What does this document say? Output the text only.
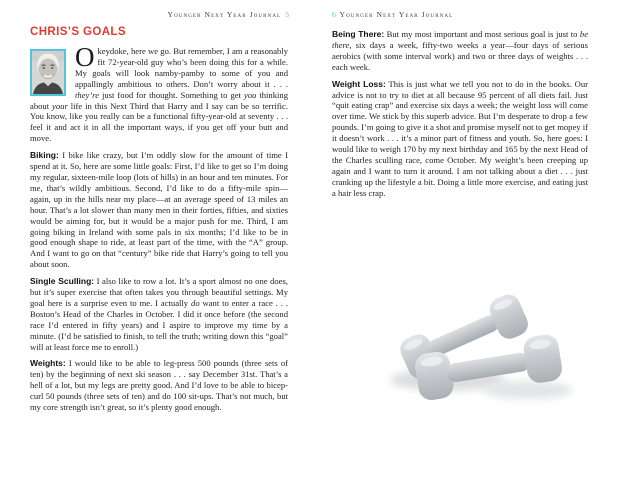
Younger Next Year Journal 5
CHRIS’S GOALS

Okeydoke, here we go. But remember, I am a reasonably fit 72-year-old guy who’s been doing this for a while. My goals will look namby-pamby to some of you and appallingly ambitious to others. Don’t worry about it . . . they’re just food for thought. Something to get you thinking about your life in this Next Third that Harry and I say can be so terrific. You know, like you really can be a functional fifty-year-old at seventy . . . feel it and act it in all the important ways, if you get off your butt and move.

Biking: I bike like crazy, but I’m oddly slow for the amount of time I spend at it. So, here are some little goals: First, I’d like to get so I’m doing my regular, sixteen-mile loop (lots of hills) in an hour and ten minutes. For me, that’s wildly ambitious. Second, I’d like to do a fifty-mile spin—again, up in the hills near my place—at an average speed of 13 miles an hour. That’s a lot slower than many men in their forties, fifties, and sixties would be aiming for, but it would be a major push for me. Third, I am going biking in Ireland with some pals in six months; I’d like to be in good enough shape to ride, at least part of the time, with the “A” group. And I want to go on that “century” bike ride that Harry’s going to tell you about soon.

Single Sculling: I also like to row a lot. It’s a sport almost no one does, but it’s super exercise that often takes you through beautiful settings. My goal here is a surprise even to me. I actually do want to enter a race . . . Boston’s Head of the Charles in October. I did it once before (the second race I’d entered in fifty years) and I aspire to improve my time by a minute. (I’d be satisfied to finish, to tell the truth; writing down this “goal” will at least force me to enroll.)

Weights: I would like to be able to leg-press 500 pounds (three sets of ten) by the beginning of next ski season . . . say December 31st. That’s a hell of a lot, but my legs are pretty good. And I’d love to be able to bicep-curl 50 pounds (three sets of ten) and do 100 sit-ups. That’s not much, but my core strength isn’t great, so it’s plenty good enough.

6 Younger Next Year Journal

Being There: But my most important and most serious goal is just to be there, six days a week, fifty-two weeks a year—four days of serious aerobics (with some interval work) and two or three days of weights . . . each week.

Weight Loss: This is just what we tell you not to do in the books. Our advice is not to try to diet at all because 95 percent of all diets fail. Just “quit eating crap” and exercise six days a week; the weight loss will come over time. We stick by this superb advice. But I’m desperate to drop a few pounds. I’m going to give it a shot and promise myself not to get mopey if it doesn’t work . . . it’s a minor part of fitness and youth. So, here goes: I would like to weigh 170 by my next birthday and 165 by the next Head of the Charles sculling race, come October. My weight’s been creeping up again and I want to turn it around. I am not talking about a diet . . . just cranking up the lifestyle a bit. Doing a little more exercise, and eating just a hair less crap.
